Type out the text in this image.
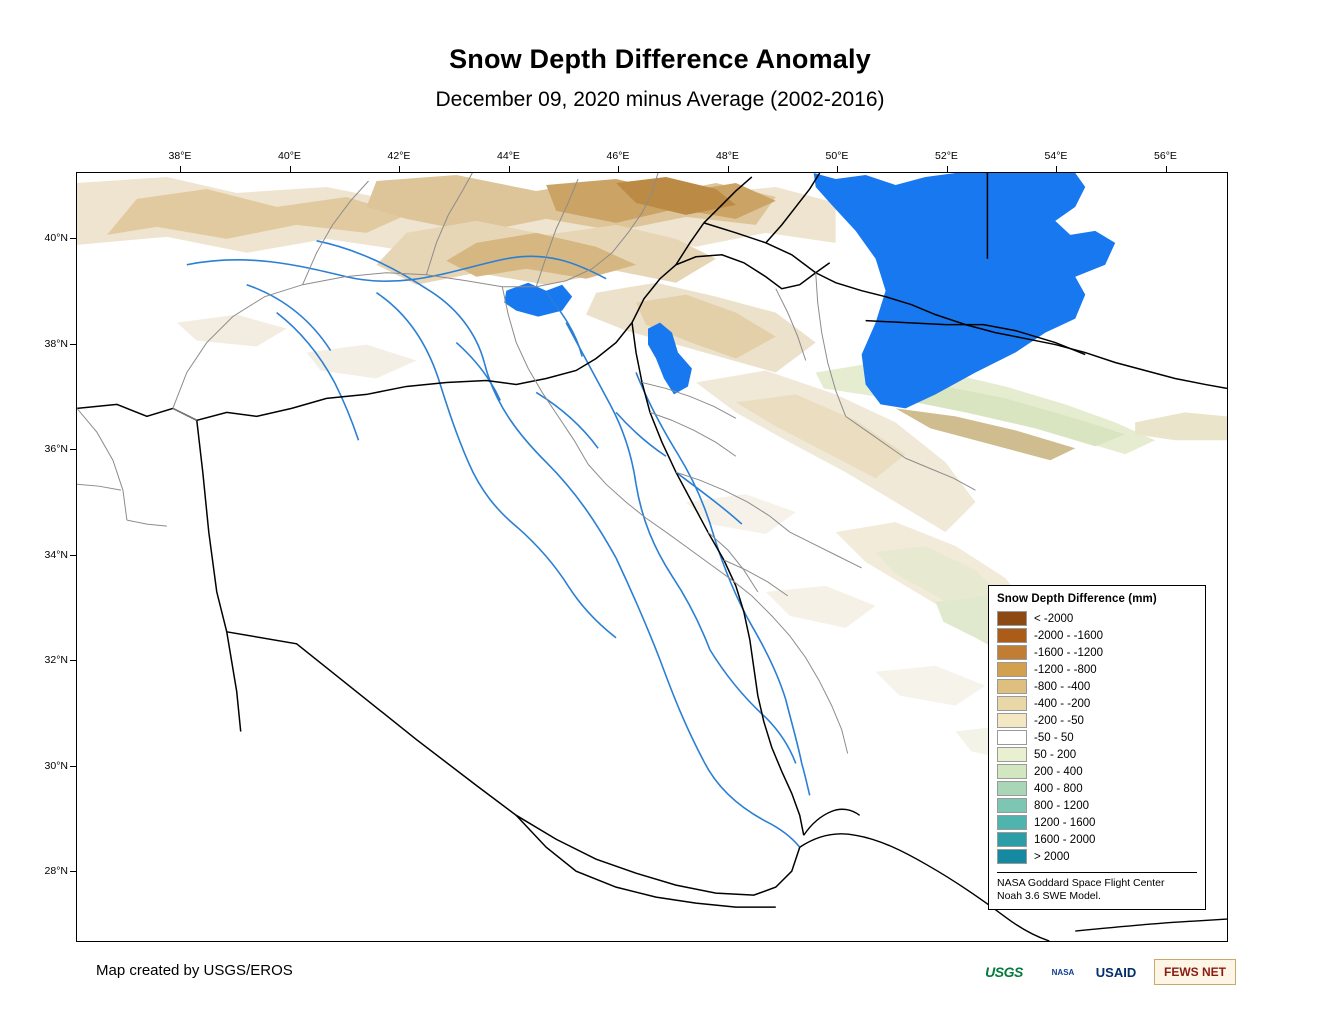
Snow Depth Difference Anomaly
December 09, 2020 minus Average (2002-2016)
38°E	40°E	42°E	44°E	46°E	48°E	50°E	52°E	54°E	56°E
40°N
38°N
36°N
34°N
32°N
30°N
28°N
Snow Depth Difference (mm)
< -2000
-2000 - -1600
-1600 - -1200
-1200 - -800
-800 - -400
-400 - -200
-200 - -50
-50 - 50
50 - 200
200 - 400
400 - 800
800 - 1200
1200 - 1600
1600 - 2000
> 2000
NASA Goddard Space Flight Center
Noah 3.6 SWE Model.
Map created by USGS/EROS	USGS	NASA	USAID	FEWS NET
